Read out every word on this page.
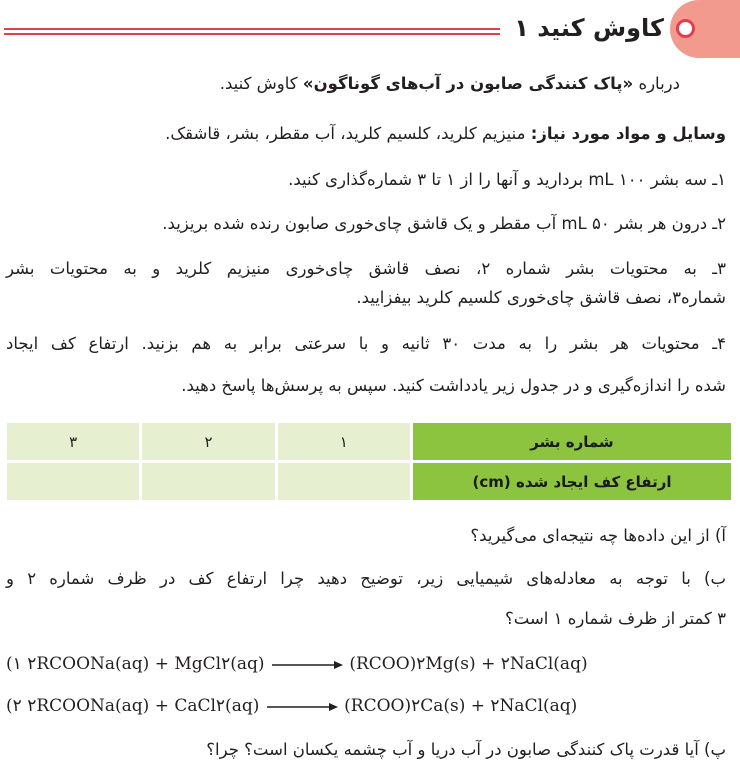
کاوش کنید ۱
درباره «پاک کنندگی صابون در آب‌های گوناگون» کاوش کنید.
وسایل و مواد مورد نیاز: منیزیم کلرید، کلسیم کلرید، آب مقطر، بشر، قاشقک.
۱ـ سه بشر ۱۰۰ mL بردارید و آنها را از ۱ تا ۳ شماره‌گذاری کنید.
۲ـ درون هر بشر ۵۰ mL آب مقطر و یک قاشق چای‌خوری صابون رنده شده بریزید.
۳ـ به محتویات بشر شماره ۲، نصف قاشق چای‌خوری منیزیم کلرید و به محتویات بشر
شماره۳، نصف قاشق چای‌خوری کلسیم کلرید بیفزایید.
۴ـ محتویات هر بشر را به مدت ۳۰ ثانیه و با سرعتی برابر به هم بزنید. ارتفاع کف ایجاد
شده را اندازه‌گیری و در جدول زیر یادداشت کنید. سپس به پرسش‌ها پاسخ دهید.
شماره بشر	۱	۲	۳
ارتفاع کف ایجاد شده (cm)			
آ) از این داده‌ها چه نتیجه‌ای می‌گیرید؟
ب) با توجه به معادله‌های شیمیایی زیر، توضیح دهید چرا ارتفاع کف در ظرف شماره ۲ و
۳ کمتر از ظرف شماره ۱ است؟
۱) ۲RCOONa(aq) + MgCl۲(aq)	(RCOO)۲Mg(s) + ۲NaCl(aq)
۲) ۲RCOONa(aq) + CaCl۲(aq)	(RCOO)۲Ca(s) + ۲NaCl(aq)
پ) آیا قدرت پاک کنندگی صابون در آب دریا و آب چشمه یکسان است؟ چرا؟
